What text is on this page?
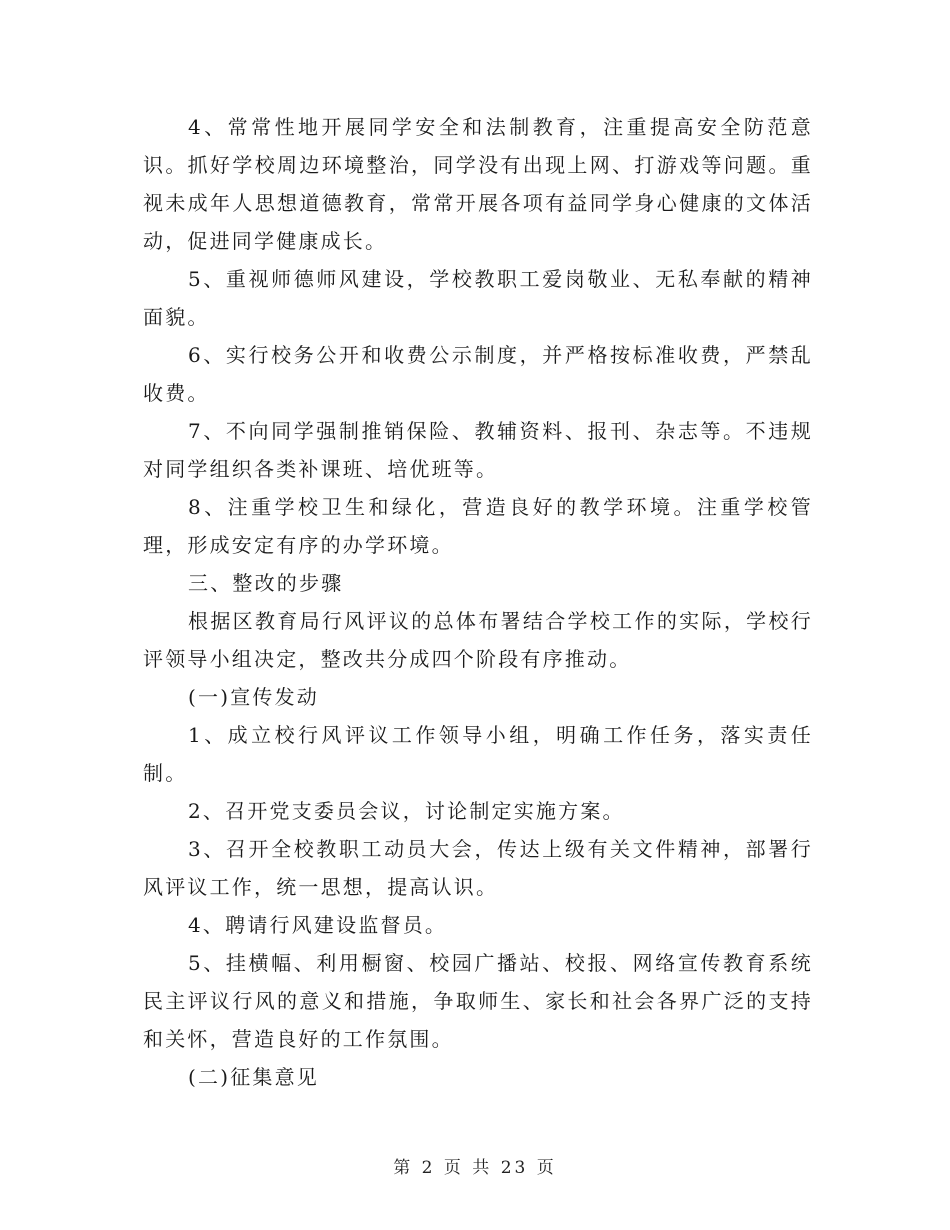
4、常常性地开展同学安全和法制教育，注重提高安全防范意识。抓好学校周边环境整治，同学没有出现上网、打游戏等问题。重视未成年人思想道德教育，常常开展各项有益同学身心健康的文体活动，促进同学健康成长。

5、重视师德师风建设，学校教职工爱岗敬业、无私奉献的精神面貌。

6、实行校务公开和收费公示制度，并严格按标准收费，严禁乱收费。

7、不向同学强制推销保险、教辅资料、报刊、杂志等。不违规对同学组织各类补课班、培优班等。

8、注重学校卫生和绿化，营造良好的教学环境。注重学校管理，形成安定有序的办学环境。

三、整改的步骤

根据区教育局行风评议的总体布署结合学校工作的实际，学校行评领导小组决定，整改共分成四个阶段有序推动。

(一)宣传发动

1、成立校行风评议工作领导小组，明确工作任务，落实责任制。

2、召开党支委员会议，讨论制定实施方案。

3、召开全校教职工动员大会，传达上级有关文件精神，部署行风评议工作，统一思想，提高认识。

4、聘请行风建设监督员。

5、挂横幅、利用橱窗、校园广播站、校报、网络宣传教育系统民主评议行风的意义和措施，争取师生、家长和社会各界广泛的支持和关怀，营造良好的工作氛围。

(二)征集意见

第 2 页 共 23 页
